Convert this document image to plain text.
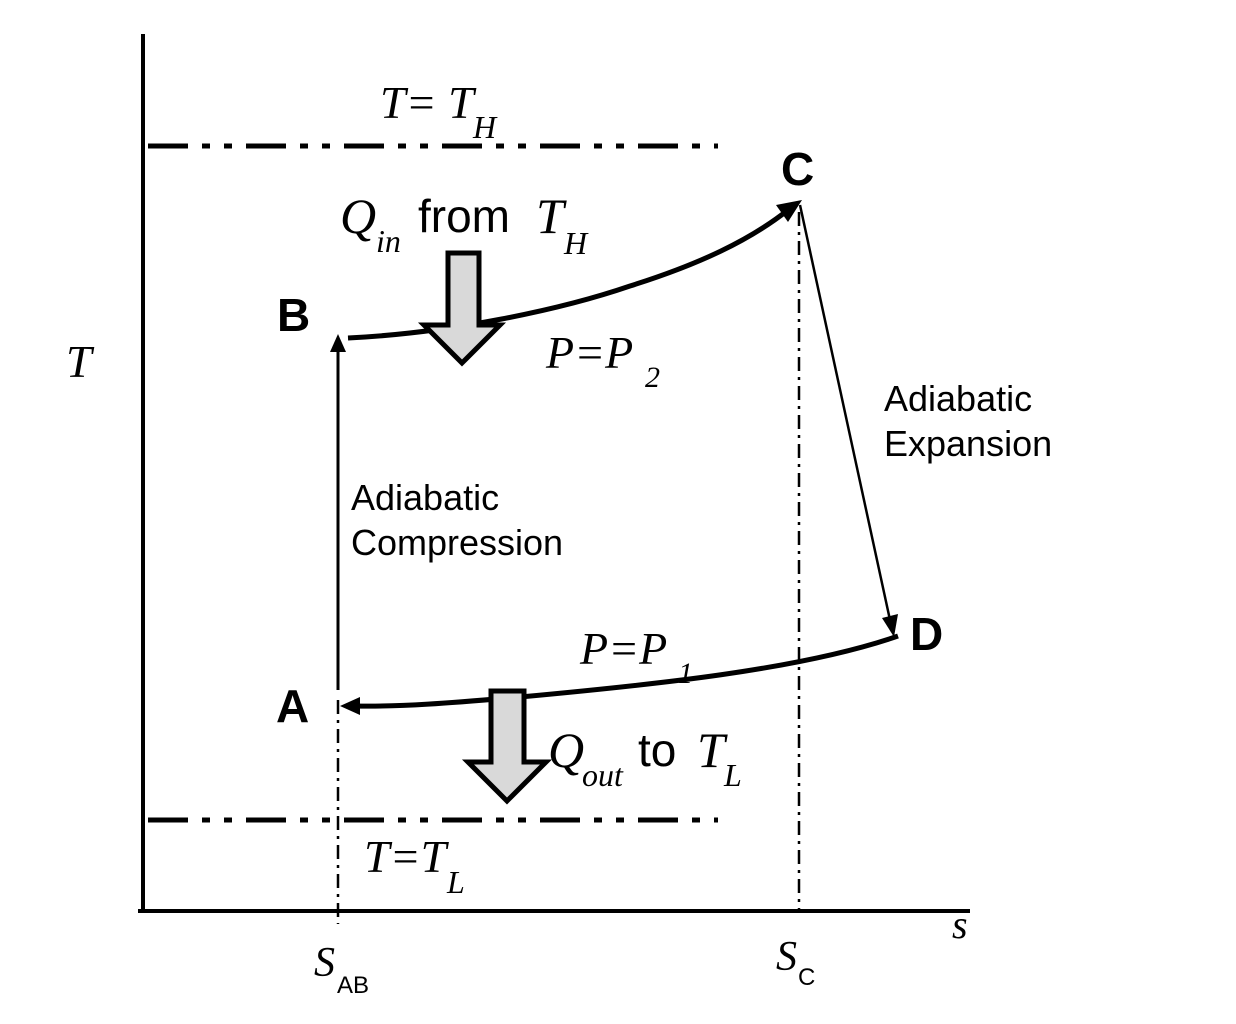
T
s
S AB
S C
T= T H
T=T L
A
B
C
D
Q in from T H
Q
out to T L
P=P 2
P=P 1
Adiabatic
Compression
Adiabatic
Expansion
